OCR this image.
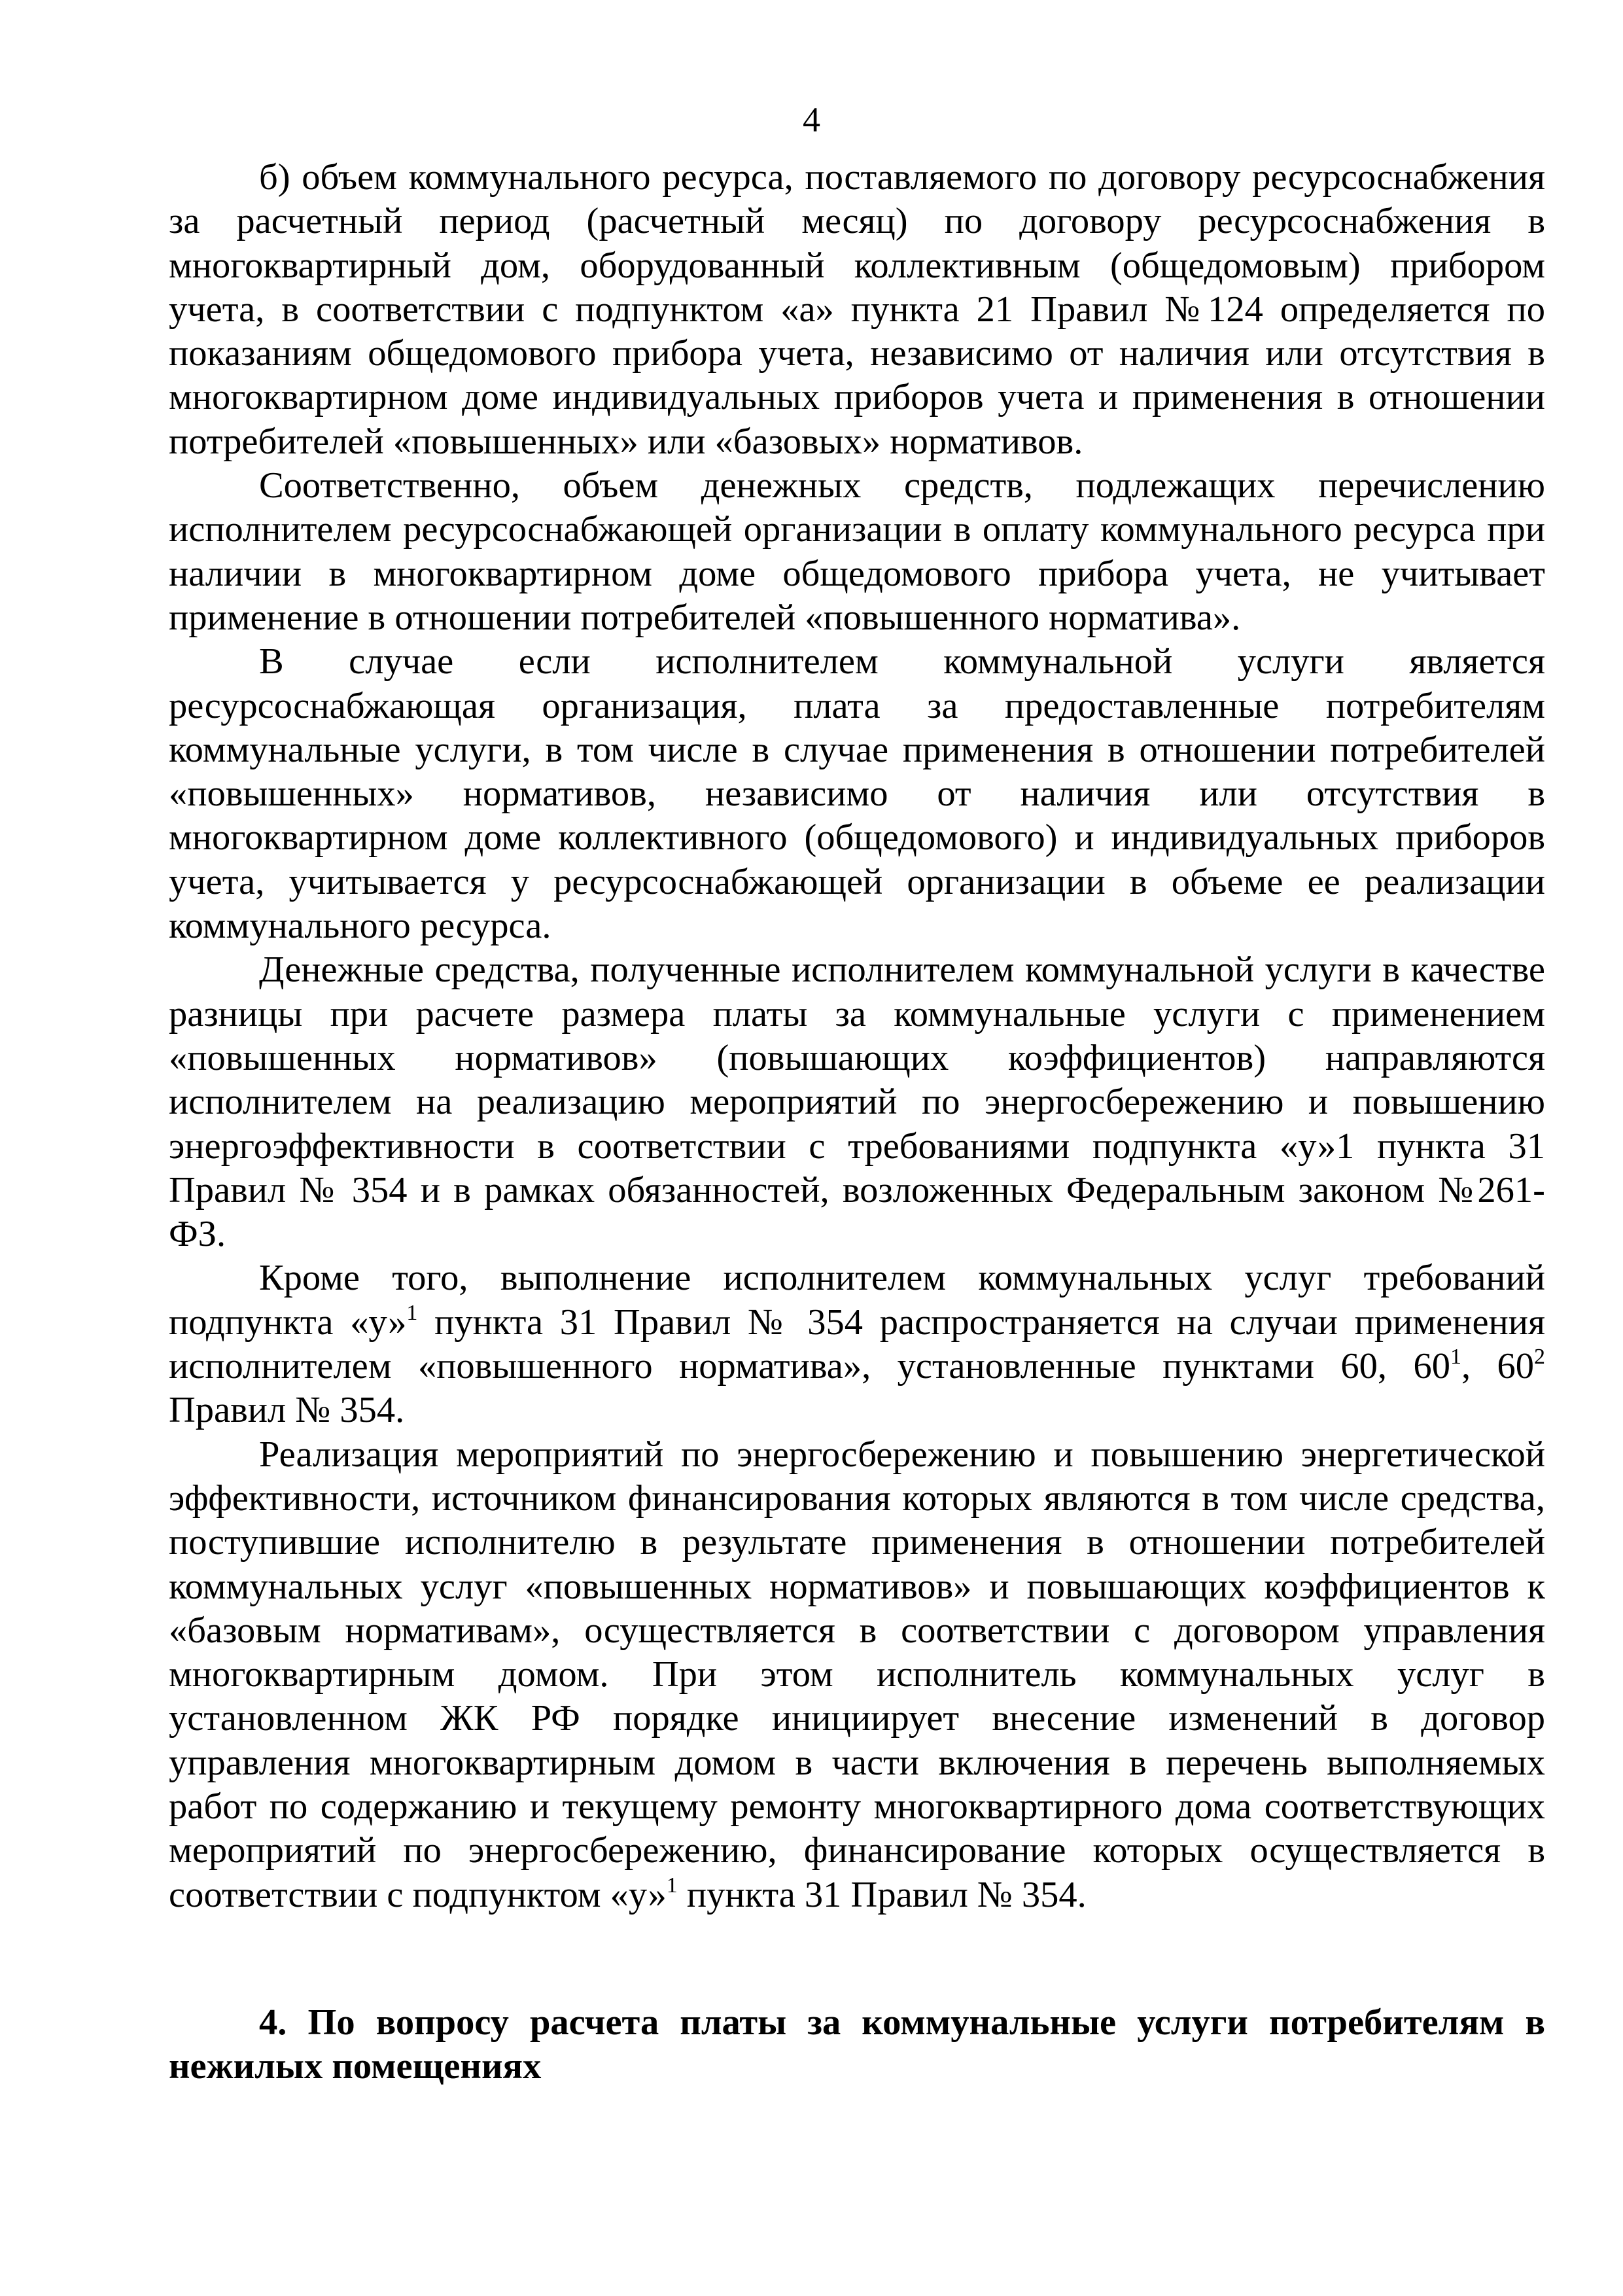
4

б) объем коммунального ресурса, поставляемого по договору ресурсоснабжения за расчетный период (расчетный месяц) по договору ресурсоснабжения в многоквартирный дом, оборудованный коллективным (общедомовым) прибором учета, в соответствии с подпунктом «а» пункта 21 Правил №124 определяется по показаниям общедомового прибора учета, независимо от наличия или отсутствия в многоквартирном доме индивидуальных приборов учета и применения в отношении потребителей «повышенных» или «базовых» нормативов.

Соответственно, объем денежных средств, подлежащих перечислению исполнителем ресурсоснабжающей организации в оплату коммунального ресурса при наличии в многоквартирном доме общедомового прибора учета, не учитывает применение в отношении потребителей «повышенного норматива».

В случае если исполнителем коммунальной услуги является ресурсоснабжающая организация, плата за предоставленные потребителям коммунальные услуги, в том числе в случае применения в отношении потребителей «повышенных» нормативов, независимо от наличия или отсутствия в многоквартирном доме коллективного (общедомового) и индивидуальных приборов учета, учитывается у ресурсоснабжающей организации в объеме ее реализации коммунального ресурса.

Денежные средства, полученные исполнителем коммунальной услуги в качестве разницы при расчете размера платы за коммунальные услуги с применением «повышенных нормативов» (повышающих коэффициентов) направляются исполнителем на реализацию мероприятий по энергосбережению и повышению энергоэффективности в соответствии с требованиями подпункта «у»1 пункта 31 Правил № 354 и в рамках обязанностей, возложенных Федеральным законом №261-ФЗ.

Кроме того, выполнение исполнителем коммунальных услуг требований подпункта «у»$^1$ пункта 31 Правил № 354 распространяется на случаи применения исполнителем «повышенного норматива», установленные пунктами 60, $60^1$, $60^2$ Правил № 354.

Реализация мероприятий по энергосбережению и повышению энергетической эффективности, источником финансирования которых являются в том числе средства, поступившие исполнителю в результате применения в отношении потребителей коммунальных услуг «повышенных нормативов» и повышающих коэффициентов к «базовым нормативам», осуществляется в соответствии с договором управления многоквартирным домом. При этом исполнитель коммунальных услуг в установленном ЖК РФ порядке инициирует внесение изменений в договор управления многоквартирным домом в части включения в перечень выполняемых работ по содержанию и текущему ремонту многоквартирного дома соответствующих мероприятий по энергосбережению, финансирование которых осуществляется в соответствии с подпунктом «у»$^1$ пункта 31 Правил № 354.

4. По вопросу расчета платы за коммунальные услуги потребителям в нежилых помещениях
